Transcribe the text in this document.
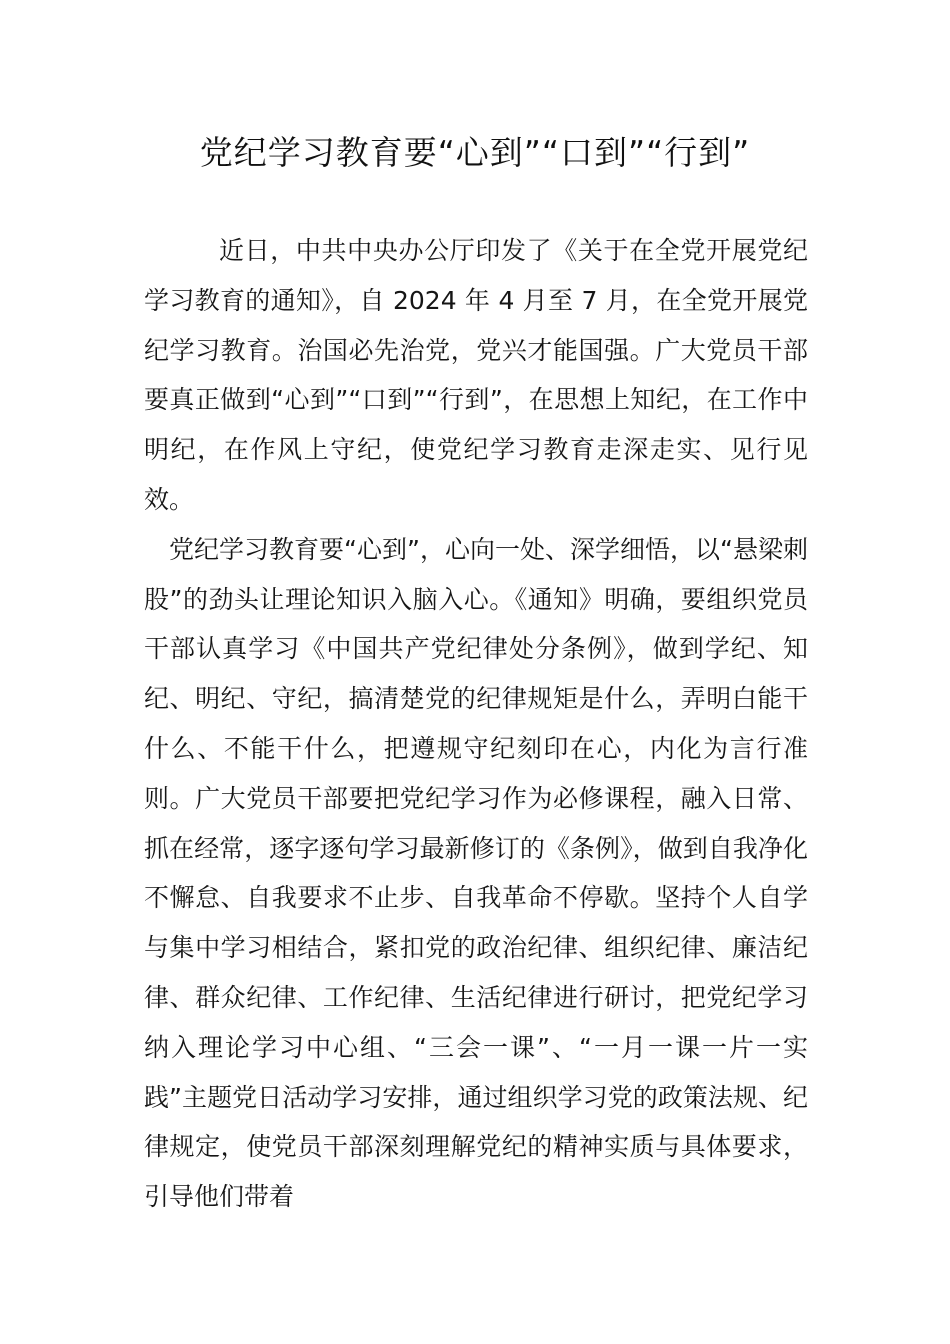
党纪学习教育要“心到”“口到”“行到”

近日，中共中央办公厅印发了《关于在全党开展党纪学习教育的通知》，自 2024 年 4 月至 7 月，在全党开展党纪学习教育。治国必先治党，党兴才能国强。广大党员干部要真正做到“心到”“口到”“行到”，在思想上知纪，在工作中明纪，在作风上守纪，使党纪学习教育走深走实、见行见效。

党纪学习教育要“心到”，心向一处、深学细悟，以“悬梁刺股”的劲头让理论知识入脑入心。《通知》明确，要组织党员干部认真学习《中国共产党纪律处分条例》，做到学纪、知纪、明纪、守纪，搞清楚党的纪律规矩是什么，弄明白能干什么、不能干什么，把遵规守纪刻印在心，内化为言行准则。广大党员干部要把党纪学习作为必修课程，融入日常、抓在经常，逐字逐句学习最新修订的《条例》，做到自我净化不懈怠、自我要求不止步、自我革命不停歇。坚持个人自学与集中学习相结合，紧扣党的政治纪律、组织纪律、廉洁纪律、群众纪律、工作纪律、生活纪律进行研讨，把党纪学习纳入理论学习中心组、“三会一课”、“一月一课一片一实践”主题党日活动学习安排，通过组织学习党的政策法规、纪律规定，使党员干部深刻理解党纪的精神实质与具体要求，引导他们带着
